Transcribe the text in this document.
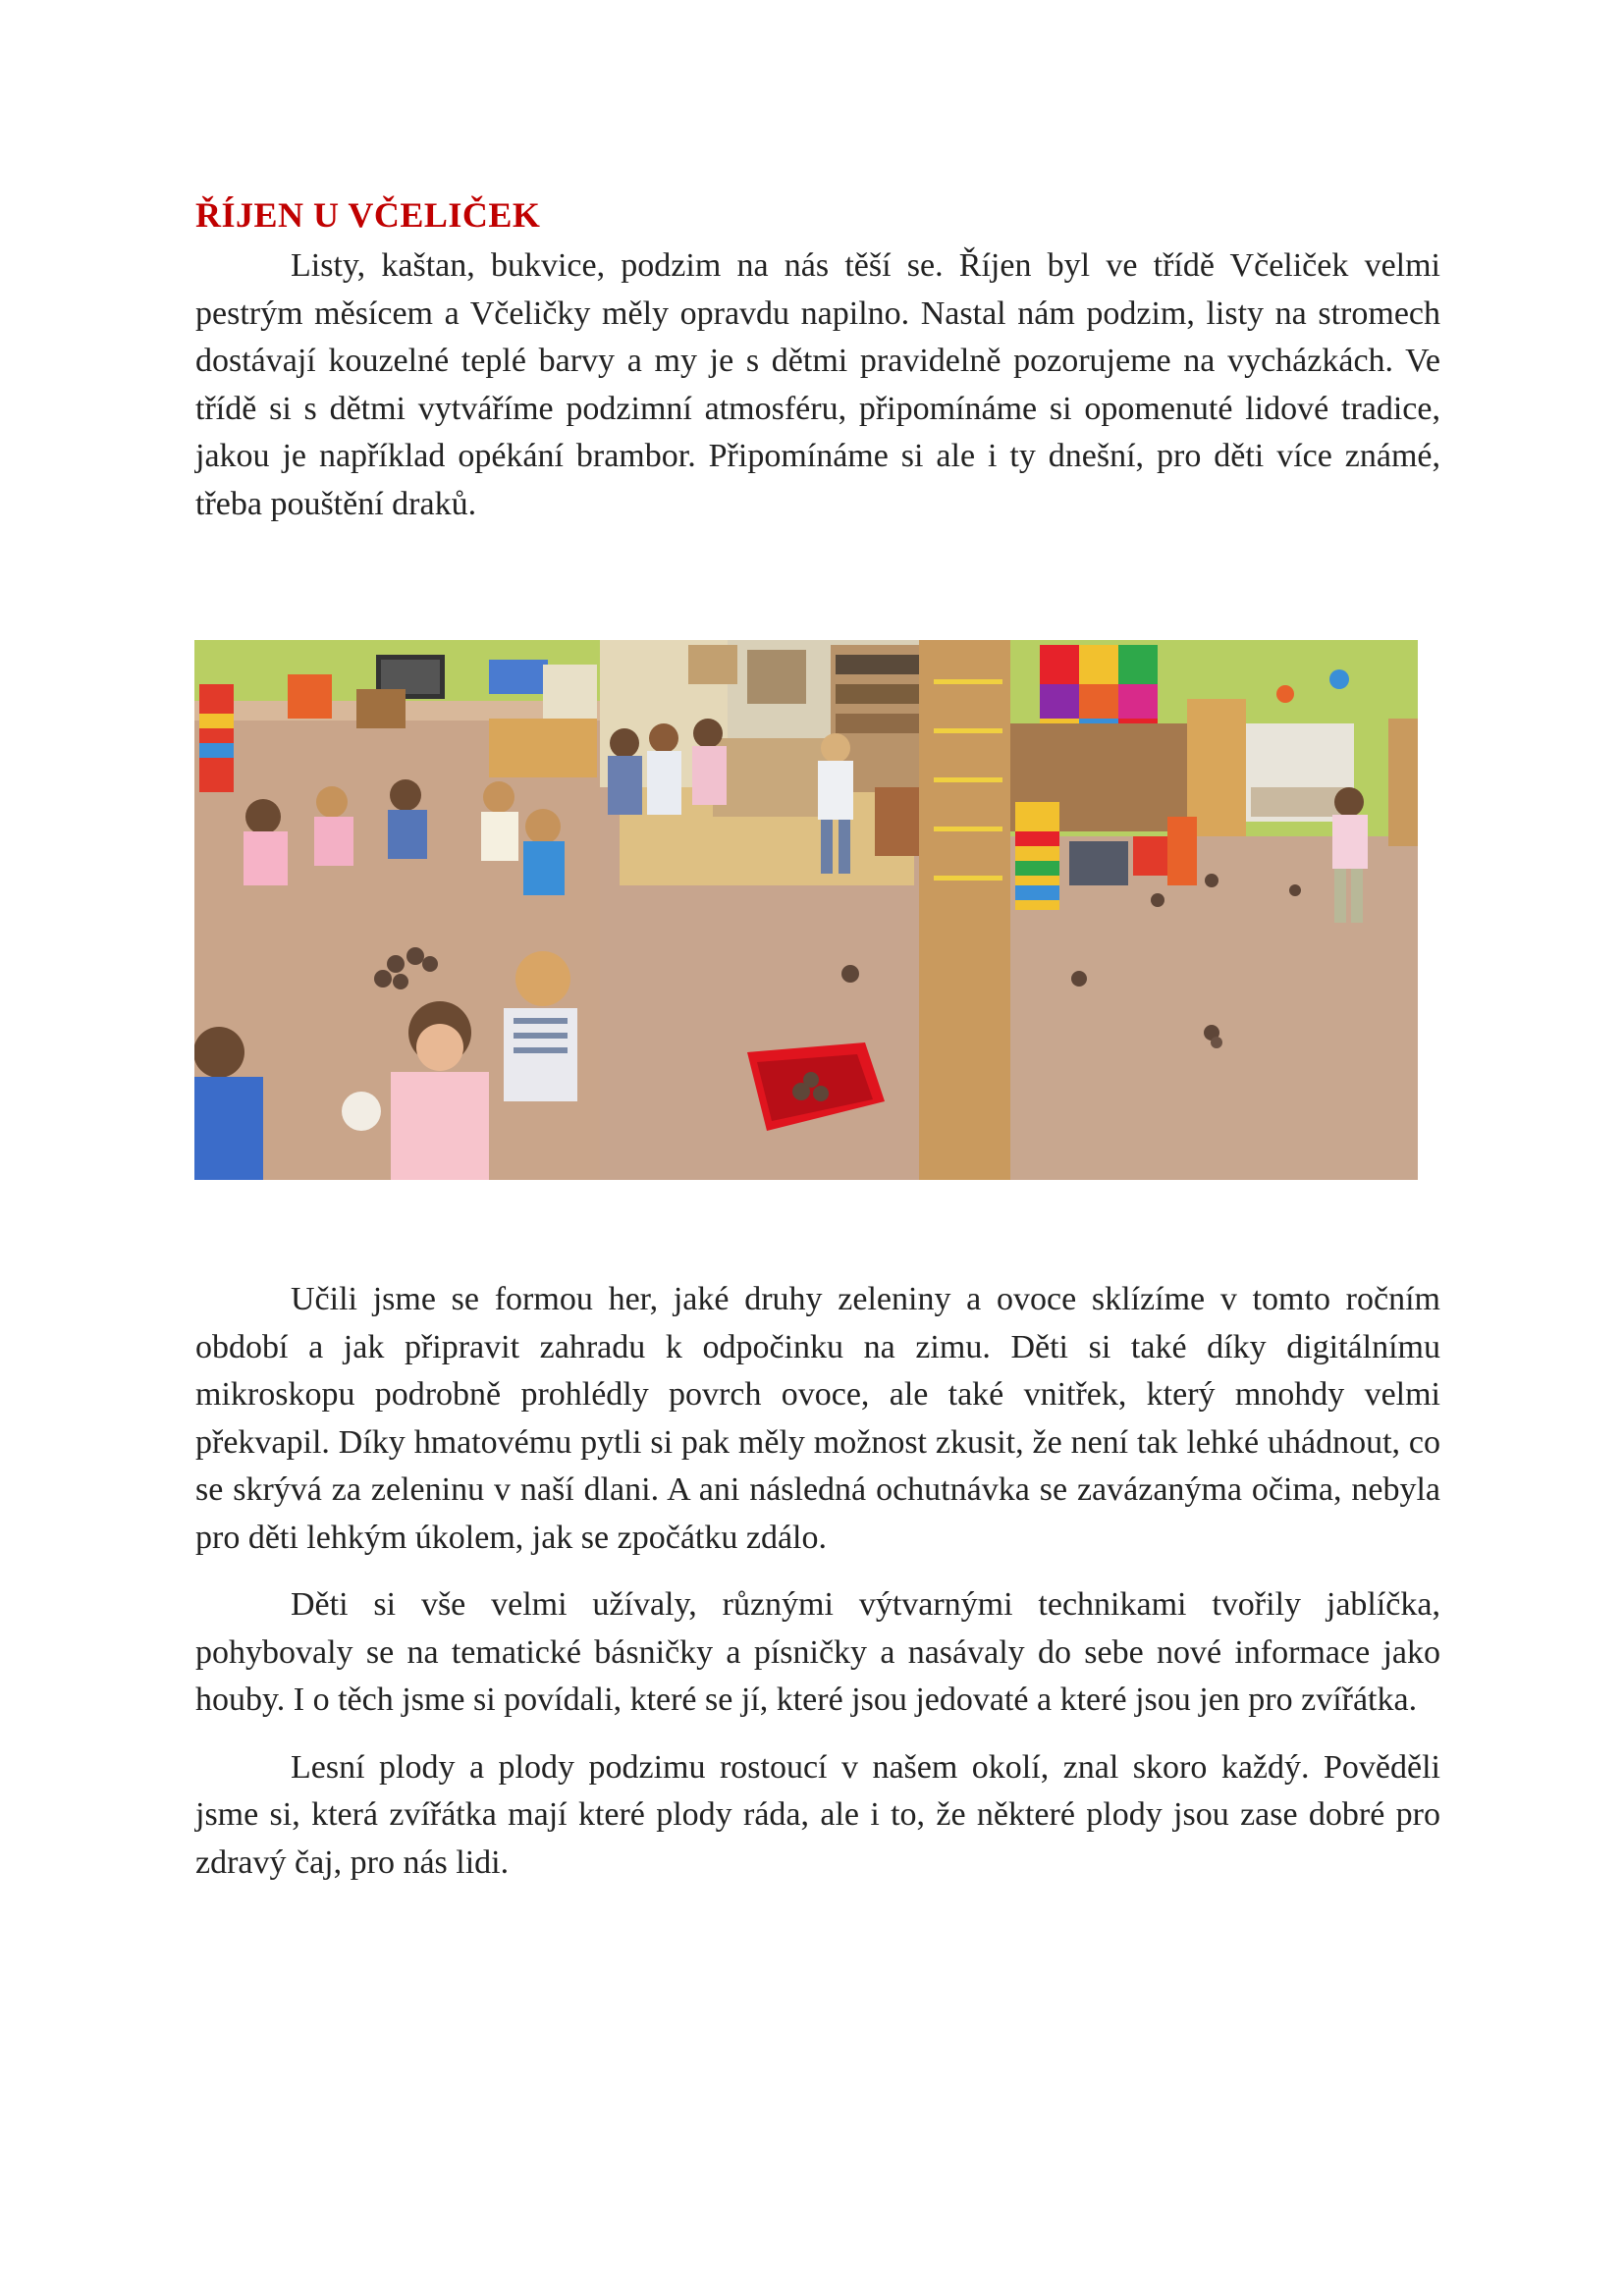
ŘÍJEN U VČELIČEK

Listy, kaštan, bukvice, podzim na nás těší se. Říjen byl ve třídě Včeliček velmi pestrým měsícem a Včeličky měly opravdu napilno. Nastal nám podzim, listy na stromech dostávají kouzelné teplé barvy a my je s dětmi pravidelně pozorujeme na vycházkách. Ve třídě si s dětmi vytváříme podzimní atmosféru, připomínáme si opomenuté lidové tradice, jakou je například opékání brambor. Připomínáme si ale i ty dnešní, pro děti více známé, třeba pouštění draků.

Učili jsme se formou her, jaké druhy zeleniny a ovoce sklízíme v tomto ročním období a jak připravit zahradu k odpočinku na zimu. Děti si také díky digitálnímu mikroskopu podrobně prohlédly povrch ovoce, ale také vnitřek, který mnohdy velmi překvapil. Díky hmatovému pytli si pak měly možnost zkusit, že není tak lehké uhádnout, co se skrývá za zeleninu v naší dlani. A ani následná ochutnávka se zavázanýma očima, nebyla pro děti lehkým úkolem, jak se zpočátku zdálo.

Děti si vše velmi užívaly, různými výtvarnými technikami tvořily jablíčka, pohybovaly se na tematické básničky a písničky a nasávaly do sebe nové informace jako houby. I o těch jsme si povídali, které se jí, které jsou jedovaté a které jsou jen pro zvířátka.

Lesní plody a plody podzimu rostoucí v našem okolí, znal skoro každý. Pověděli jsme si, která zvířátka mají které plody ráda, ale i to, že některé plody jsou zase dobré pro zdravý čaj, pro nás lidi.
